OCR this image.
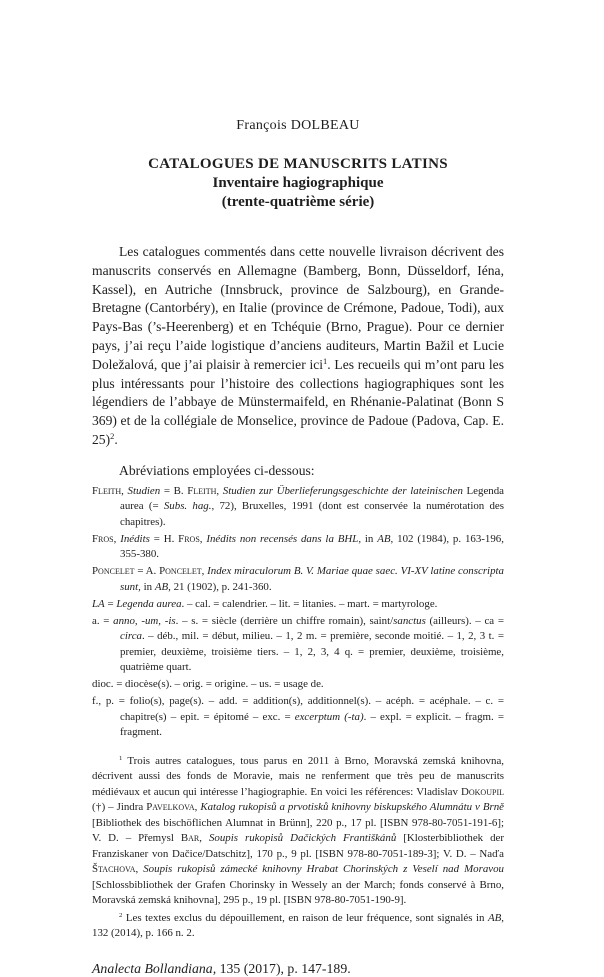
François DOLBEAU
CATALOGUES DE MANUSCRITS LATINS
Inventaire hagiographique
(trente-quatrième série)

Les catalogues commentés dans cette nouvelle livraison décrivent des manuscrits conservés en Allemagne (Bamberg, Bonn, Düsseldorf, Iéna, Kassel), en Autriche (Innsbruck, province de Salzbourg), en Grande-Bretagne (Cantorbéry), en Italie (province de Crémone, Padoue, Todi), aux Pays-Bas (’s-Heerenberg) et en Tchéquie (Brno, Prague). Pour ce dernier pays, j’ai reçu l’aide logistique d’anciens auditeurs, Martin Bažil et Lucie Doležalová, que j’ai plaisir à remercier ici$^1$. Les recueils qui m’ont paru les plus intéressants pour l’histoire des collections hagiographiques sont les légendiers de l’abbaye de Münstermaifeld, en Rhénanie-Palatinat (Bonn S 369) et de la collégiale de Monselice, province de Padoue (Padova, Cap. E. 25)$^2$.

Abréviations employées ci-dessous:

Fleith, Studien = B. Fleith, Studien zur Überlieferungsgeschichte der lateinischen Legenda aurea (= Subs. hag., 72), Bruxelles, 1991 (dont est conservée la numérotation des chapitres).
Fros, Inédits = H. Fros, Inédits non recensés dans la BHL, in AB, 102 (1984), p. 163-196, 355-380.
Poncelet = A. Poncelet, Index miraculorum B. V. Mariae quae saec. VI-XV latine conscripta sunt, in AB, 21 (1902), p. 241-360.
LA = Legenda aurea. – cal. = calendrier. – lit. = litanies. – mart. = martyrologe.
a. = anno, -um, -is. – s. = siècle (derrière un chiffre romain), saint/sanctus (ailleurs). – ca = circa. – déb., mil. = début, milieu. – 1, 2 m. = première, seconde moitié. – 1, 2, 3 t. = premier, deuxième, troisième tiers. – 1, 2, 3, 4 q. = premier, deuxième, troisième, quatrième quart.
dioc. = diocèse(s). – orig. = origine. – us. = usage de.
f., p. = folio(s), page(s). – add. = addition(s), additionnel(s). – acéph. = acéphale. – c. = chapitre(s) – epit. = épitomé – exc. = excerptum (-ta). – expl. = explicit. – fragm. = fragment.
$^1$ Trois autres catalogues, tous parus en 2011 à Brno, Moravská zemská knihovna, décrivent aussi des fonds de Moravie, mais ne renferment que très peu de manuscrits médiévaux et aucun qui intéresse l’hagiographie. En voici les références: Vladislav Dokoupil (†) – Jindra Pavelkova, Katalog rukopisů a prvotisků knihovny biskupského Alumnátu v Brně [Bibliothek des bischöflichen Alumnat in Brünn], 220 p., 17 pl. [ISBN 978-80-7051-191-6]; V. D. – Přemysl Bar, Soupis rukopisů Dačických Františkánů [Klosterbibliothek der Franziskaner von Dačice/Datschitz], 170 p., 9 pl. [ISBN 978-80-7051-189-3]; V. D. – Naďa Štachova, Soupis rukopisů zámecké knihovny Hrabat Chorinských z Veselí nad Moravou [Schlossbibliothek der Grafen Chorinsky in Wessely an der March; fonds conservé à Brno, Moravská zemská knihovna], 295 p., 19 pl. [ISBN 978-80-7051-190-9].
$^2$ Les textes exclus du dépouillement, en raison de leur fréquence, sont signalés in AB, 132 (2014), p. 166 n. 2.

Analecta Bollandiana, 135 (2017), p. 147-189.
